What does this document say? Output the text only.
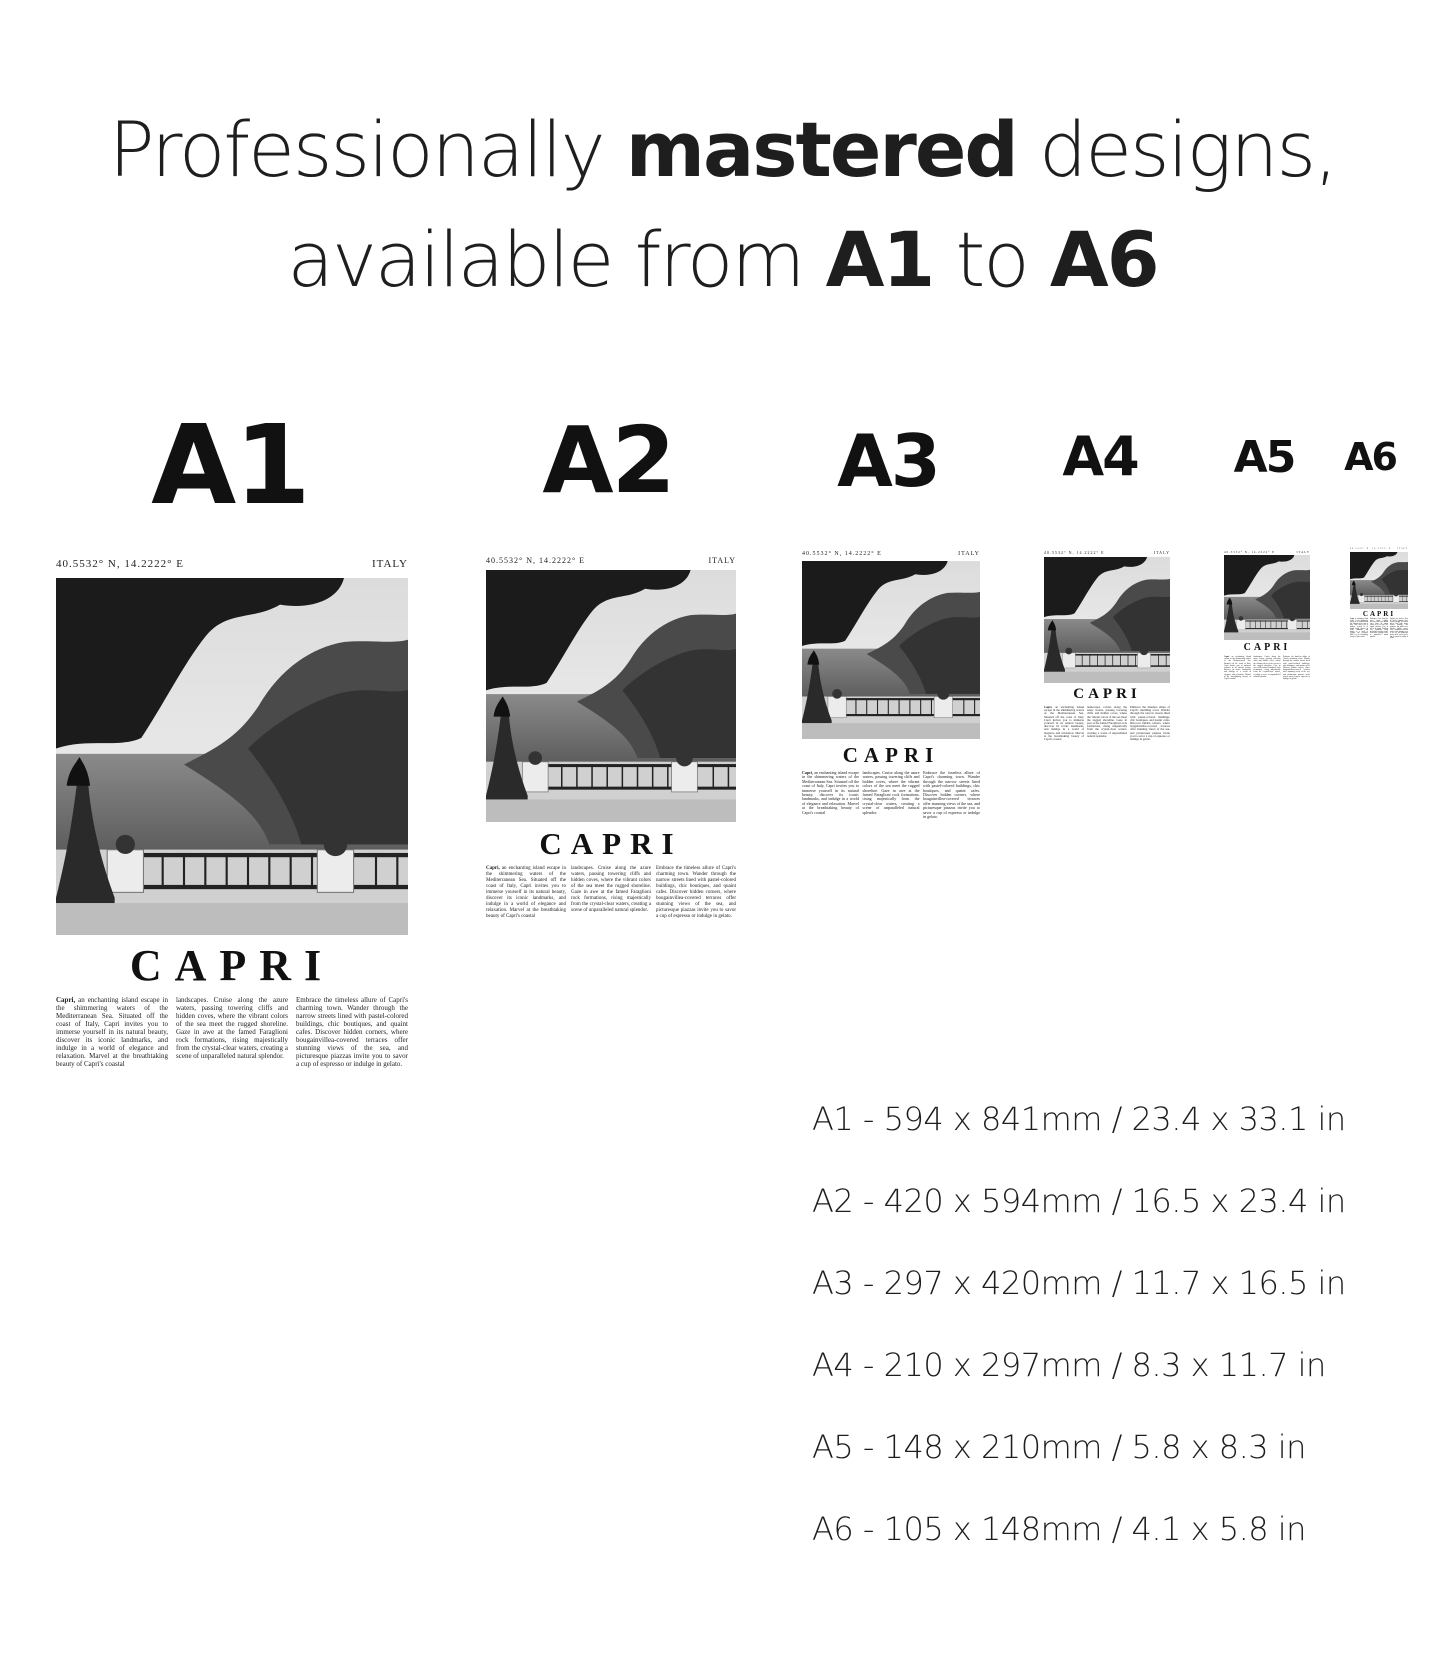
Professionally mastered designs,
available from A1 to A6
A1	A2 A3 A4 A5 A6
40.5532° N, 14.2222° E	ITALY
CAPRI
Capri, an enchanting island escape in the shimmering waters of the Mediterranean Sea. Situated off the coast of Italy, Capri invites you to immerse yourself in its natural beauty, discover its iconic landmarks, and indulge in a world of elegance and relaxation. Marvel at the breathtaking beauty of Capri's coastal
landscapes. Cruise along the azure waters, passing towering cliffs and hidden coves, where the vibrant colors of the sea meet the rugged shoreline. Gaze in awe at the famed Faraglioni rock formations, rising majestically from the crystal-clear waters, creating a scene of unparalleled natural splendor.
Embrace the timeless allure of Capri's charming town. Wander through the narrow streets lined with pastel-colored buildings, chic boutiques, and quaint cafes. Discover hidden corners, where bougainvillea-covered terraces offer stunning views of the sea, and picturesque piazzas invite you to savor a cup of espresso or indulge in gelato.
40.5532° N, 14.2222° E	ITALY
CAPRI
Capri, an enchanting island escape in the shimmering waters of the Mediterranean Sea. Situated off the coast of Italy, Capri invites you to immerse yourself in its natural beauty, discover its iconic landmarks, and indulge in a world of elegance and relaxation. Marvel at the breathtaking beauty of Capri's coastal
landscapes. Cruise along the azure waters, passing towering cliffs and hidden coves, where the vibrant colors of the sea meet the rugged shoreline. Gaze in awe at the famed Faraglioni rock formations, rising majestically from the crystal-clear waters, creating a scene of unparalleled natural splendor.
Embrace the timeless allure of Capri's charming town. Wander through the narrow streets lined with pastel-colored buildings, chic boutiques, and quaint cafes. Discover hidden corners, where bougainvillea-covered terraces offer stunning views of the sea, and picturesque piazzas invite you to savor a cup of espresso or indulge in gelato.
40.5532° N, 14.2222° E	ITALY
CAPRI
Capri, an enchanting island escape in the shimmering waters of the Mediterranean Sea. Situated off the coast of Italy, Capri invites you to immerse yourself in its natural beauty, discover its iconic landmarks, and indulge in a world of elegance and relaxation. Marvel at the breathtaking beauty of Capri's coastal
landscapes. Cruise along the azure waters, passing towering cliffs and hidden coves, where the vibrant colors of the sea meet the rugged shoreline. Gaze in awe at the famed Faraglioni rock formations, rising majestically from the crystal-clear waters, creating a scene of unparalleled natural splendor.
Embrace the timeless allure of Capri's charming town. Wander through the narrow streets lined with pastel-colored buildings, chic boutiques, and quaint cafes. Discover hidden corners, where bougainvillea-covered terraces offer stunning views of the sea, and picturesque piazzas invite you to savor a cup of espresso or indulge in gelato.
40.5532° N, 14.2222° E	ITALY
CAPRI
Capri, an enchanting island escape in the shimmering waters of the Mediterranean Sea. Situated off the coast of Italy, Capri invites you to immerse yourself in its natural beauty, discover its iconic landmarks, and indulge in a world of elegance and relaxation. Marvel at the breathtaking beauty of Capri's coastal
landscapes. Cruise along the azure waters, passing towering cliffs and hidden coves, where the vibrant colors of the sea meet the rugged shoreline. Gaze in awe at the famed Faraglioni rock formations, rising majestically from the crystal-clear waters, creating a scene of unparalleled natural splendor.
Embrace the timeless allure of Capri's charming town. Wander through the narrow streets lined with pastel-colored buildings, chic boutiques, and quaint cafes. Discover hidden corners, where bougainvillea-covered terraces offer stunning views of the sea, and picturesque piazzas invite you to savor a cup of espresso or indulge in gelato.
40.5532° N, 14.2222° E	ITALY
CAPRI
Capri, an enchanting island escape in the shimmering waters of the Mediterranean Sea. Situated off the coast of Italy, Capri invites you to immerse yourself in its natural beauty, discover its iconic landmarks, and indulge in a world of elegance and relaxation. Marvel at the breathtaking beauty of Capri's coastal
landscapes. Cruise along the azure waters, passing towering cliffs and hidden coves, where the vibrant colors of the sea meet the rugged shoreline. Gaze in awe at the famed Faraglioni rock formations, rising majestically from the crystal-clear waters, creating a scene of unparalleled natural splendor.
Embrace the timeless allure of Capri's charming town. Wander through the narrow streets lined with pastel-colored buildings, chic boutiques, and quaint cafes. Discover hidden corners, where bougainvillea-covered terraces offer stunning views of the sea, and picturesque piazzas invite you to savor a cup of espresso or indulge in gelato.
40.5532° N, 14.2222° E	ITALY
CAPRI
Capri, an enchanting island escape in the shimmering waters of the Mediterranean Sea. Situated off the coast of Italy, Capri invites you to immerse yourself in its natural beauty, discover its iconic landmarks, and indulge in a world of elegance and relaxation. Marvel at the breathtaking beauty of Capri's coastal
landscapes. Cruise along the azure waters, passing towering cliffs and hidden coves, where the vibrant colors of the sea meet the rugged shoreline. Gaze in awe at the famed Faraglioni rock formations, rising majestically from the crystal-clear waters, creating a scene of unparalleled natural splendor.
Embrace the timeless allure of Capri's charming town. Wander through the narrow streets lined with pastel-colored buildings, chic boutiques, and quaint cafes. Discover hidden corners, where bougainvillea-covered terraces offer stunning views of the sea, and picturesque piazzas invite you to savor a cup of espresso or indulge in gelato.
A1 - 594 x 841mm / 23.4 x 33.1 in
A2 - 420 x 594mm / 16.5 x 23.4 in
A3 - 297 x 420mm / 11.7 x 16.5 in
A4 - 210 x 297mm / 8.3 x 11.7 in
A5 - 148 x 210mm / 5.8 x 8.3 in
A6 - 105 x 148mm / 4.1 x 5.8 in
